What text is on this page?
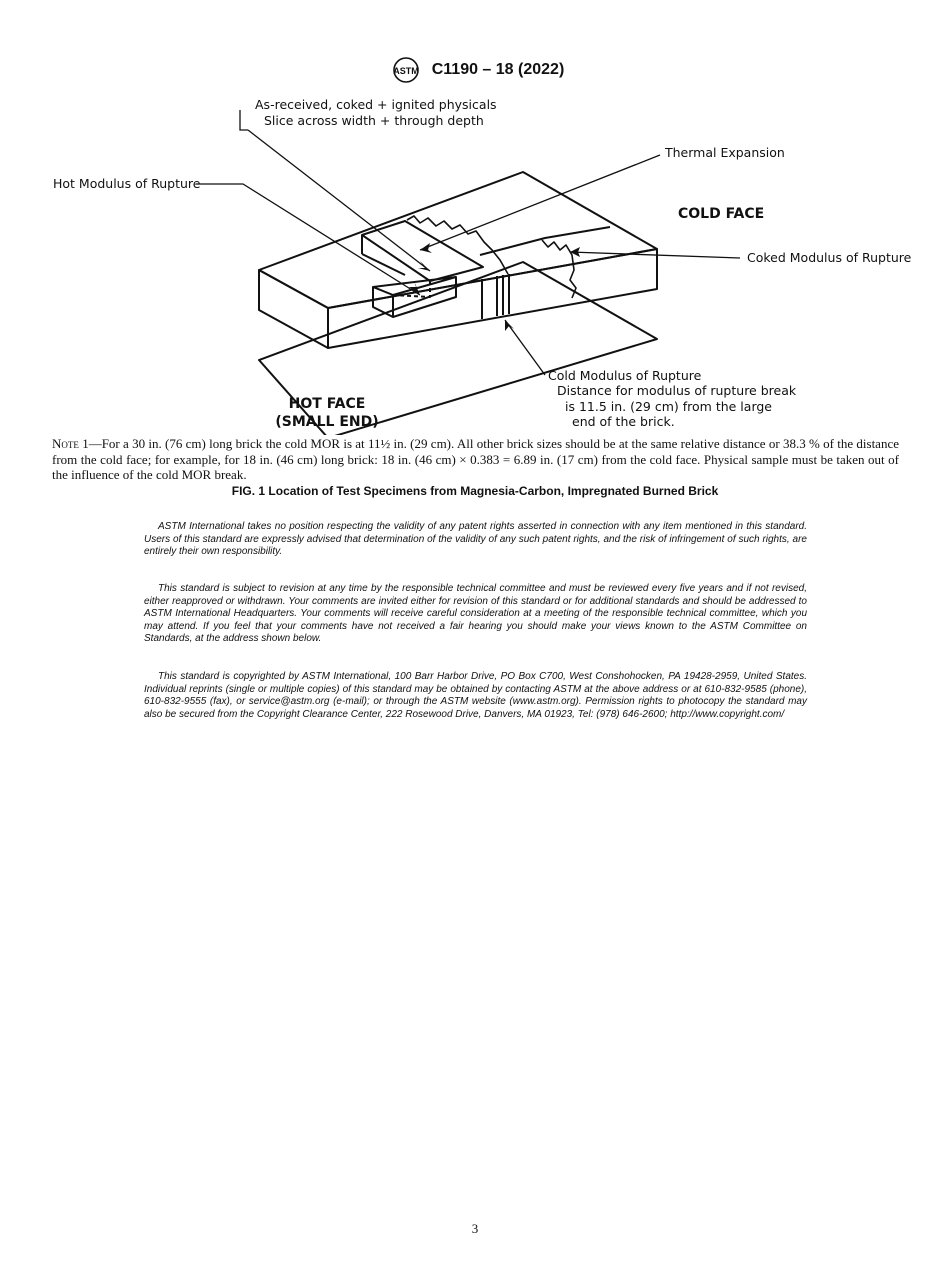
ASTM C1190 – 18 (2022)
As-received, coked + ignited physicals
Slice across width + through depth
Thermal Expansion
Hot Modulus of Rupture
COLD FACE
Coked Modulus of Rupture
Cold Modulus of Rupture
Distance for modulus of rupture break
is 11.5 in. (29 cm) from the large
end of the brick.
HOT FACE
(SMALL END)

Note 1—For a 30 in. (76 cm) long brick the cold MOR is at 11½ in. (29 cm). All other brick sizes should be at the same relative distance or 38.3 % of the distance from the cold face; for example, for 18 in. (46 cm) long brick: 18 in. (46 cm) × 0.383 = 6.89 in. (17 cm) from the cold face. Physical sample must be taken out of the influence of the cold MOR break.

FIG. 1 Location of Test Specimens from Magnesia-Carbon, Impregnated Burned Brick

ASTM International takes no position respecting the validity of any patent rights asserted in connection with any item mentioned in this standard. Users of this standard are expressly advised that determination of the validity of any such patent rights, and the risk of infringement of such rights, are entirely their own responsibility.

This standard is subject to revision at any time by the responsible technical committee and must be reviewed every five years and if not revised, either reapproved or withdrawn. Your comments are invited either for revision of this standard or for additional standards and should be addressed to ASTM International Headquarters. Your comments will receive careful consideration at a meeting of the responsible technical committee, which you may attend. If you feel that your comments have not received a fair hearing you should make your views known to the ASTM Committee on Standards, at the address shown below.

This standard is copyrighted by ASTM International, 100 Barr Harbor Drive, PO Box C700, West Conshohocken, PA 19428-2959, United States. Individual reprints (single or multiple copies) of this standard may be obtained by contacting ASTM at the above address or at 610-832-9585 (phone), 610-832-9555 (fax), or service@astm.org (e-mail); or through the ASTM website (www.astm.org). Permission rights to photocopy the standard may also be secured from the Copyright Clearance Center, 222 Rosewood Drive, Danvers, MA 01923, Tel: (978) 646-2600; http://www.copyright.com/

3
